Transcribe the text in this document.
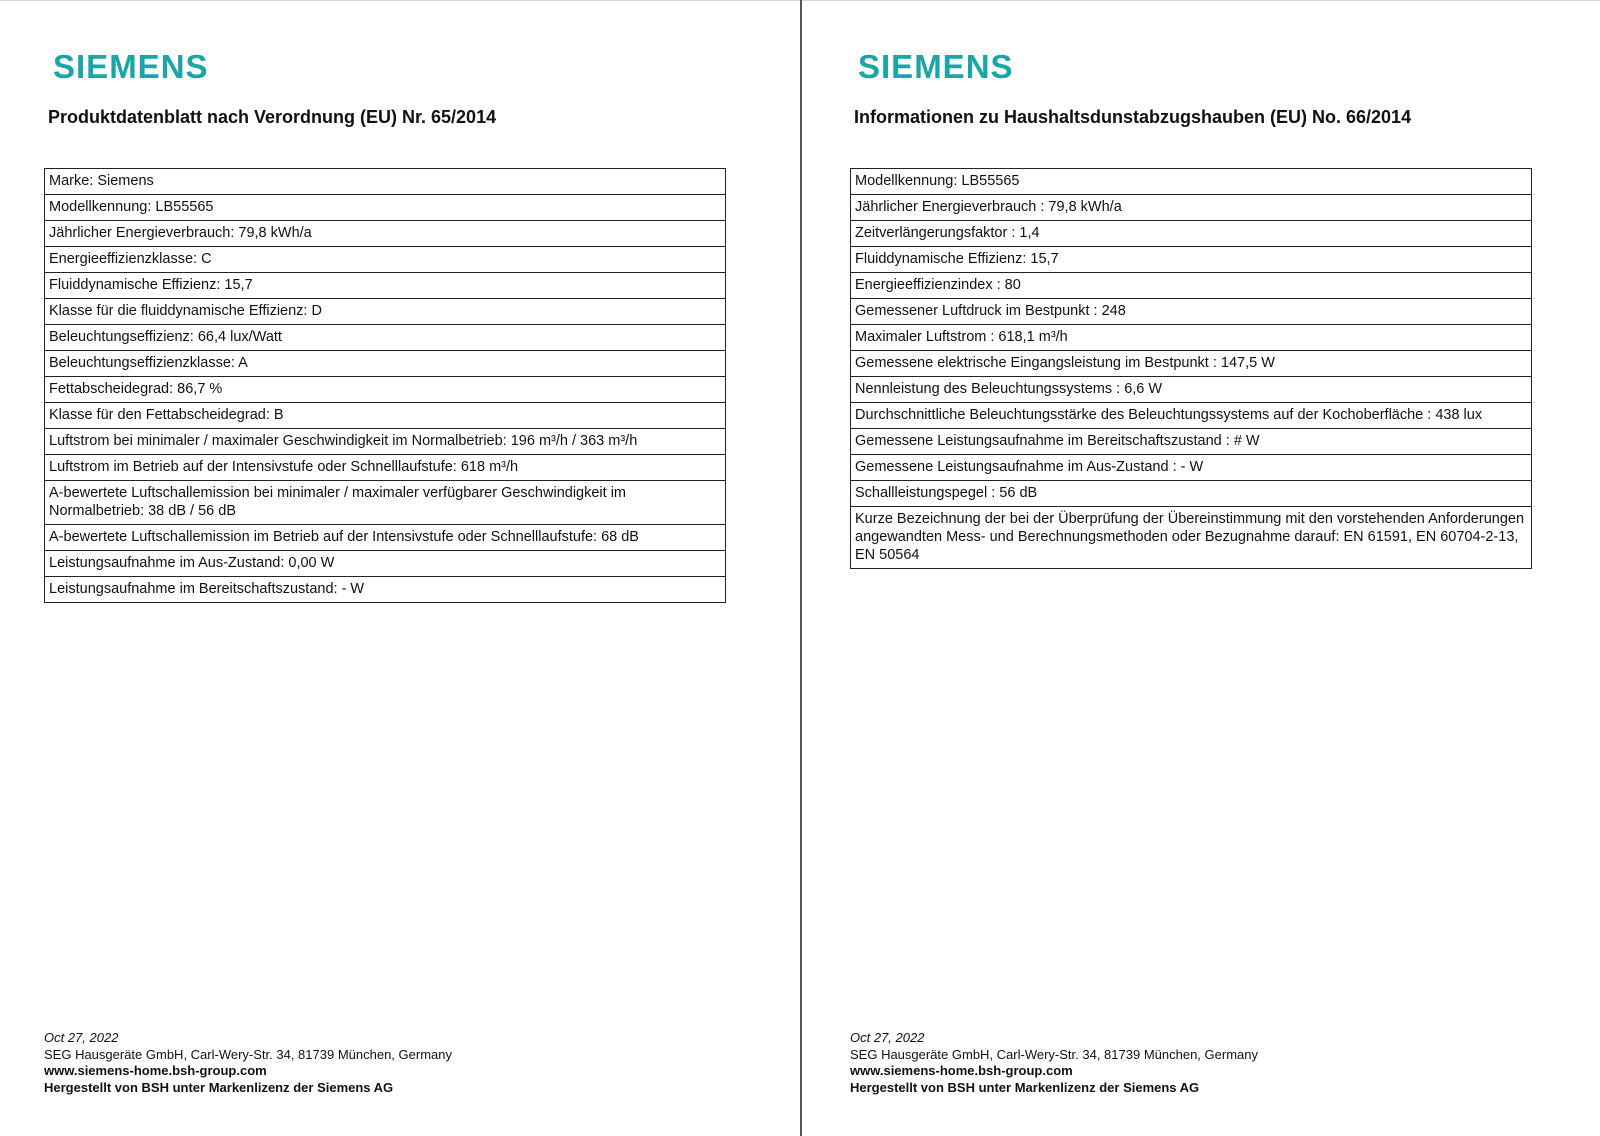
SIEMENS
Produktdatenblatt nach Verordnung (EU) Nr. 65/2014
Marke: Siemens
Modellkennung: LB55565
Jährlicher Energieverbrauch: 79,8 kWh/a
Energieeffizienzklasse: C
Fluiddynamische Effizienz: 15,7
Klasse für die fluiddynamische Effizienz: D
Beleuchtungseffizienz: 66,4 lux/Watt
Beleuchtungseffizienzklasse: A
Fettabscheidegrad: 86,7 %
Klasse für den Fettabscheidegrad: B
Luftstrom bei minimaler / maximaler Geschwindigkeit im Normalbetrieb: 196 m³/h / 363 m³/h
Luftstrom im Betrieb auf der Intensivstufe oder Schnelllaufstufe: 618 m³/h
A-bewertete Luftschallemission bei minimaler / maximaler verfügbarer Geschwindigkeit im Normalbetrieb: 38 dB / 56 dB
A-bewertete Luftschallemission im Betrieb auf der Intensivstufe oder Schnelllaufstufe: 68 dB
Leistungsaufnahme im Aus-Zustand: 0,00 W
Leistungsaufnahme im Bereitschaftszustand: - W
Oct 27, 2022
SEG Hausgeräte GmbH, Carl-Wery-Str. 34, 81739 München, Germany
www.siemens-home.bsh-group.com
Hergestellt von BSH unter Markenlizenz der Siemens AG
SIEMENS
Informationen zu Haushaltsdunstabzugshauben (EU) No. 66/2014
Modellkennung: LB55565
Jährlicher Energieverbrauch : 79,8 kWh/a
Zeitverlängerungsfaktor : 1,4
Fluiddynamische Effizienz: 15,7
Energieeffizienzindex : 80
Gemessener Luftdruck im Bestpunkt : 248
Maximaler Luftstrom : 618,1 m³/h
Gemessene elektrische Eingangsleistung im Bestpunkt : 147,5 W
Nennleistung des Beleuchtungssystems : 6,6 W
Durchschnittliche Beleuchtungsstärke des Beleuchtungssystems auf der Kochoberfläche : 438 lux
Gemessene Leistungsaufnahme im Bereitschaftszustand : # W
Gemessene Leistungsaufnahme im Aus-Zustand : - W
Schallleistungspegel : 56 dB
Kurze Bezeichnung der bei der Überprüfung der Übereinstimmung mit den vorstehenden Anforderungen angewandten Mess- und Berechnungsmethoden oder Bezugnahme darauf: EN 61591, EN 60704-2-13, EN 50564
Oct 27, 2022
SEG Hausgeräte GmbH, Carl-Wery-Str. 34, 81739 München, Germany
www.siemens-home.bsh-group.com
Hergestellt von BSH unter Markenlizenz der Siemens AG
